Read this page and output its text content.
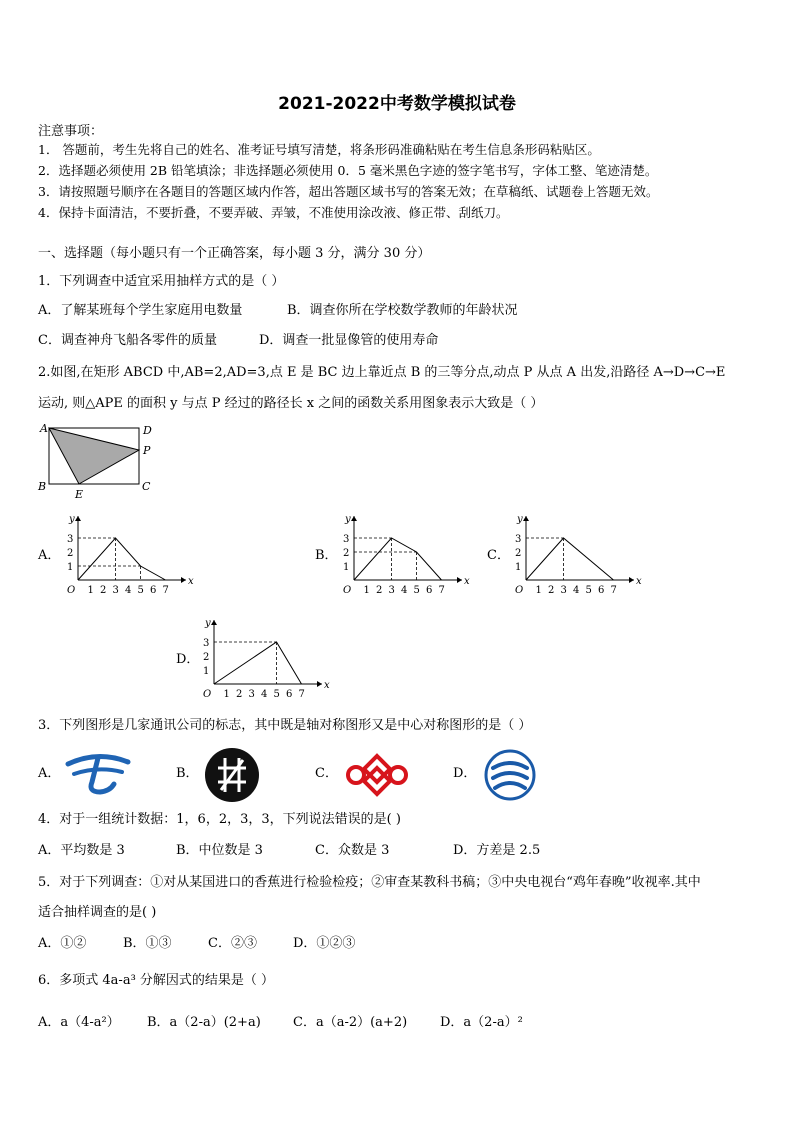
2021-2022中考数学模拟试卷
注意事项：
1． 答题前，考生先将自己的姓名、准考证号填写清楚，将条形码准确粘贴在考生信息条形码粘贴区。
2．选择题必须使用 2B 铅笔填涂；非选择题必须使用 0．5 毫米黑色字迹的签字笔书写，字体工整、笔迹清楚。
3．请按照题号顺序在各题目的答题区域内作答，超出答题区域书写的答案无效；在草稿纸、试题卷上答题无效。
4．保持卡面清洁，不要折叠，不要弄破、弄皱，不准使用涂改液、修正带、刮纸刀。
一、选择题（每小题只有一个正确答案，每小题 3 分，满分 30 分）
1．下列调查中适宜采用抽样方式的是（ ）
A．了解某班每个学生家庭用电数量	B．调查你所在学校数学教师的年龄状况
C．调查神舟飞船各零件的质量	D．调查一批显像管的使用寿命
2.如图,在矩形 ABCD 中,AB=2,AD=3,点 E 是 BC 边上靠近点 B 的三等分点,动点 P 从点 A 出发,沿路径 A→D→C→E
运动, 则△APE 的面积 y 与点 P 经过的路径长 x 之间的函数关系用图象表示大致是（ ）
A	D
P
B	C
E
A．	B．	C．
D．
y
x
O 1 2 3 4 5 6 7
1
2
3
y
x
O 1 2 3 4 5 6 7
1
2
3
y
x
O 1 2 3 4 5 6 7
1
2
3
y
x
O 1 2 3 4 5 6 7
1
2
3
3．下列图形是几家通讯公司的标志，其中既是轴对称图形又是中心对称图形的是（ ）
A．	B．	C．	D．
4．对于一组统计数据：1，6，2，3，3，下列说法错误的是( )
A．平均数是 3	B．中位数是 3	C．众数是 3	D．方差是 2.5
5．对于下列调查：①对从某国进口的香蕉进行检验检疫；②审查某教科书稿；③中央电视台“鸡年春晚”收视率.其中
适合抽样调查的是( )
A．①②	B．①③	C．②③	D．①②③
6．多项式 4a-a³ 分解因式的结果是（ ）
A．a（4-a²） B．a（2-a）(2+a) C．a（a-2）(a+2)	D．a（2-a）²
